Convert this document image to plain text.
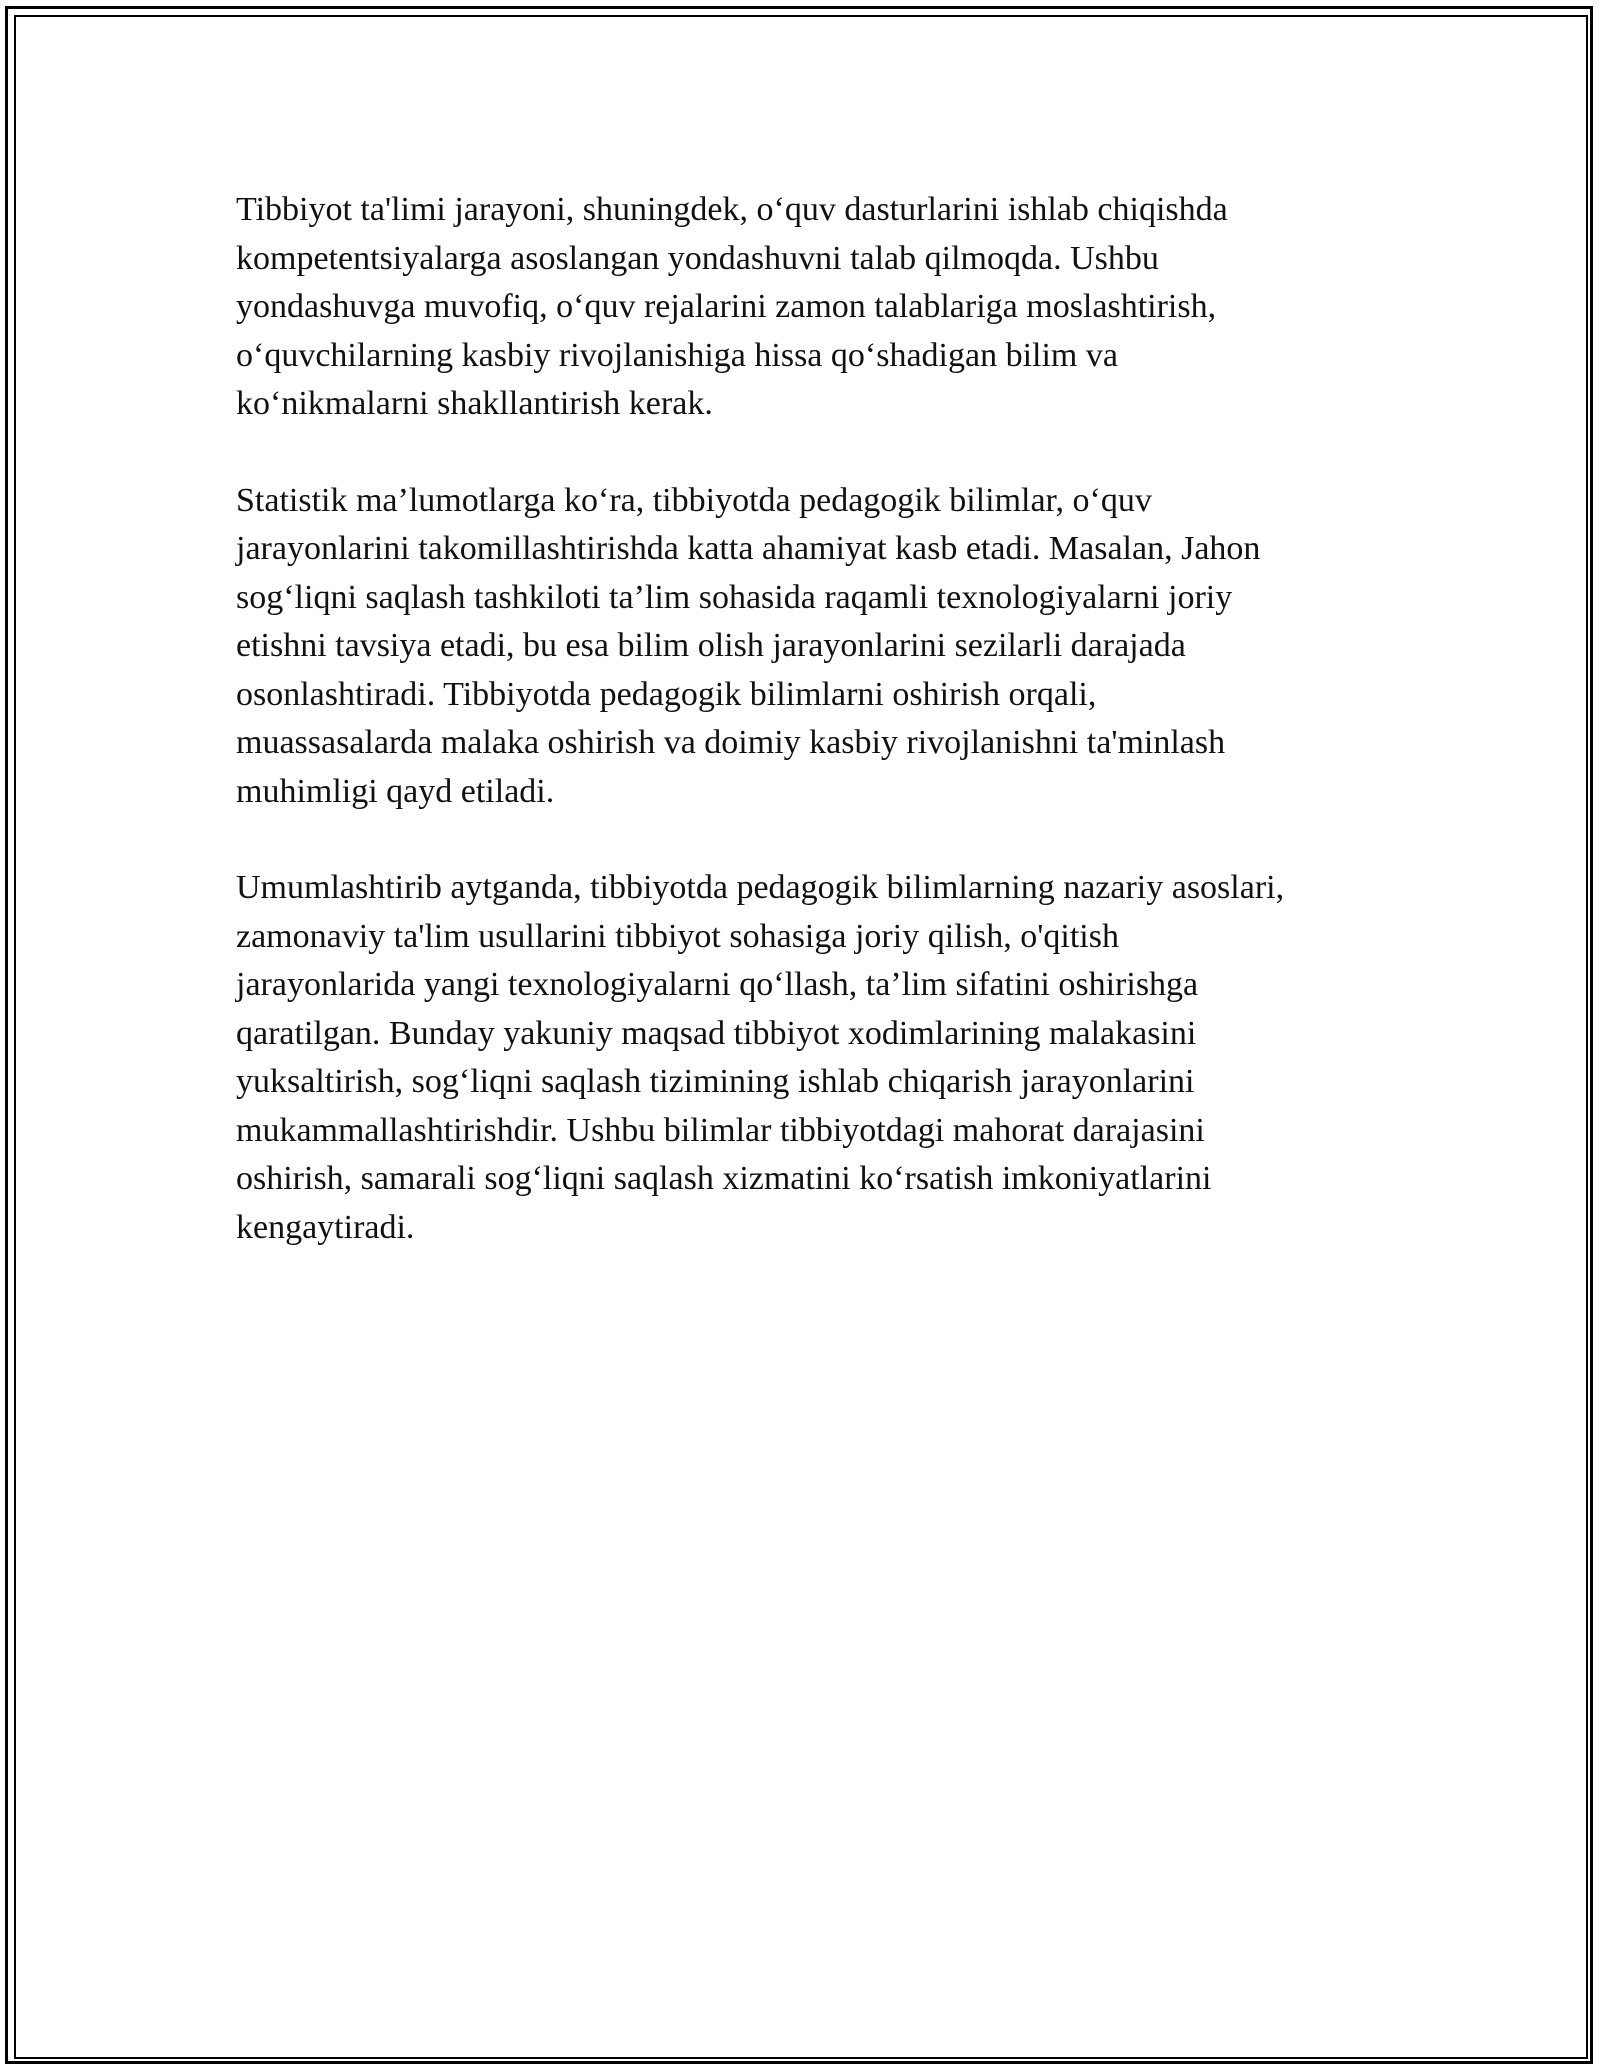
Tibbiyot ta'limi jarayoni, shuningdek, o‘quv dasturlarini ishlab chiqishda
kompetentsiyalarga asoslangan yondashuvni talab qilmoqda. Ushbu
yondashuvga muvofiq, o‘quv rejalarini zamon talablariga moslashtirish,
o‘quvchilarning kasbiy rivojlanishiga hissa qo‘shadigan bilim va
ko‘nikmalarni shakllantirish kerak.

Statistik ma’lumotlarga ko‘ra, tibbiyotda pedagogik bilimlar, o‘quv
jarayonlarini takomillashtirishda katta ahamiyat kasb etadi. Masalan, Jahon
sog‘liqni saqlash tashkiloti ta’lim sohasida raqamli texnologiyalarni joriy
etishni tavsiya etadi, bu esa bilim olish jarayonlarini sezilarli darajada
osonlashtiradi. Tibbiyotda pedagogik bilimlarni oshirish orqali,
muassasalarda malaka oshirish va doimiy kasbiy rivojlanishni ta'minlash
muhimligi qayd etiladi.

Umumlashtirib aytganda, tibbiyotda pedagogik bilimlarning nazariy asoslari,
zamonaviy ta'lim usullarini tibbiyot sohasiga joriy qilish, o'qitish
jarayonlarida yangi texnologiyalarni qo‘llash, ta’lim sifatini oshirishga
qaratilgan. Bunday yakuniy maqsad tibbiyot xodimlarining malakasini
yuksaltirish, sog‘liqni saqlash tizimining ishlab chiqarish jarayonlarini
mukammallashtirishdir. Ushbu bilimlar tibbiyotdagi mahorat darajasini
oshirish, samarali sog‘liqni saqlash xizmatini ko‘rsatish imkoniyatlarini
kengaytiradi.
